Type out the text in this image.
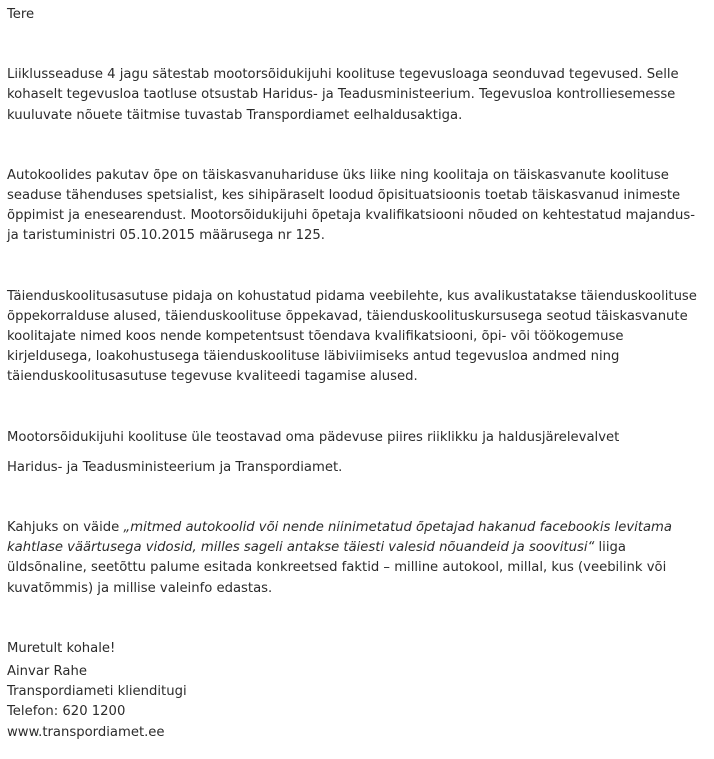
Tere

Liiklusseaduse 4 jagu sätestab mootorsõidukijuhi koolituse tegevusloaga seonduvad tegevused. Selle kohaselt tegevusloa taotluse otsustab Haridus- ja Teadusministeerium. Tegevusloa kontrolliesemesse kuuluvate nõuete täitmise tuvastab Transpordiamet eelhaldusaktiga.

Autokoolides pakutav õpe on täiskasvanuhariduse üks liike ning koolitaja on täiskasvanute koolituse seaduse tähenduses spetsialist, kes sihipäraselt loodud õpisituatsioonis toetab täiskasvanud inimeste õppimist ja enesearendust. Mootorsõidukijuhi õpetaja kvalifikatsiooni nõuded on kehtestatud majandus- ja taristuministri 05.10.2015 määrusega nr 125.

Täienduskoolitusasutuse pidaja on kohustatud pidama veebilehte, kus avalikustatakse täienduskoolituse õppekorralduse alused, täienduskoolituse õppekavad, täienduskoolituskursusega seotud täiskasvanute koolitajate nimed koos nende kompetentsust tõendava kvalifikatsiooni, õpi- või töökogemuse kirjeldusega, loakohustusega täienduskoolituse läbiviimiseks antud tegevusloa andmed ning täienduskoolitusasutuse tegevuse kvaliteedi tagamise alused.

Mootorsõidukijuhi koolituse üle teostavad oma pädevuse piires riiklikku ja haldusjärelevalvet

Haridus- ja Teadusministeerium ja Transpordiamet.

Kahjuks on väide „mitmed autokoolid või nende niinimetatud õpetajad hakanud facebookis levitama kahtlase väärtusega vidosid, milles sageli antakse täiesti valesid nõuandeid ja soovitusi“ liiga üldsõnaline, seetõttu palume esitada konkreetsed faktid – milline autokool, millal, kus (veebilink või kuvatõmmis) ja millise valeinfo edastas.

Muretult kohale!

Ainvar Rahe

Transpordiameti klienditugi

Telefon: 620 1200

www.transpordiamet.ee
